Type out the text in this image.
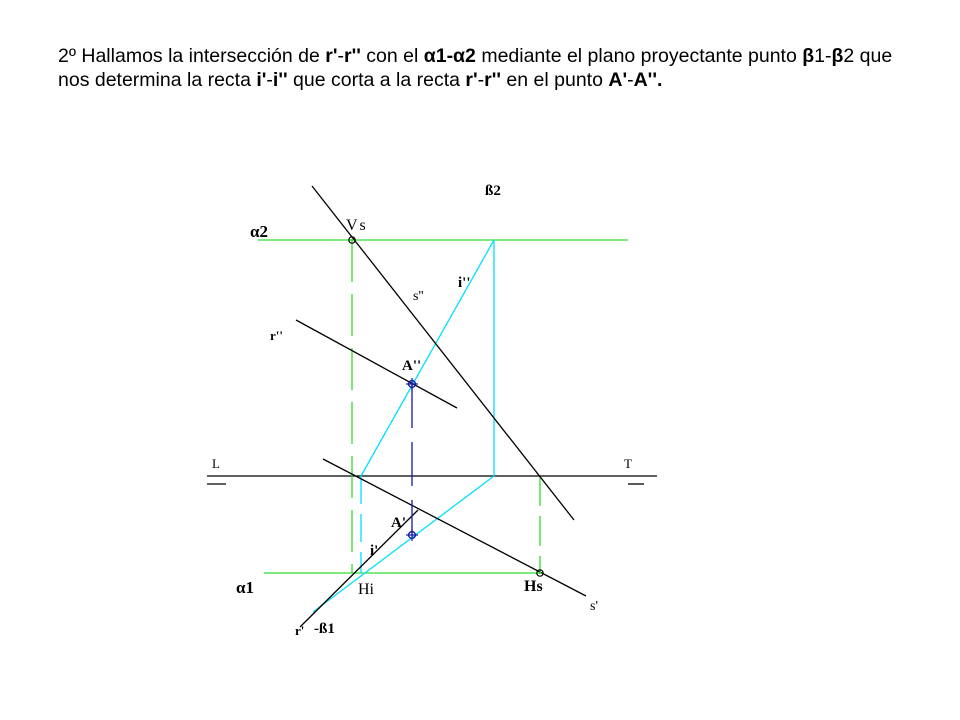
2º Hallamos la intersección de r'-r'' con el α1-α2 mediante el plano proyectante punto β1-β2 que nos determina la recta i'-i'' que corta a la recta r'-r'' en el punto A'-A''.
α2
α1
ß2
-ß1
Vs
Hs
Hi
i''
i'
s''
s'
r''
r'
A''
A'
L	T
